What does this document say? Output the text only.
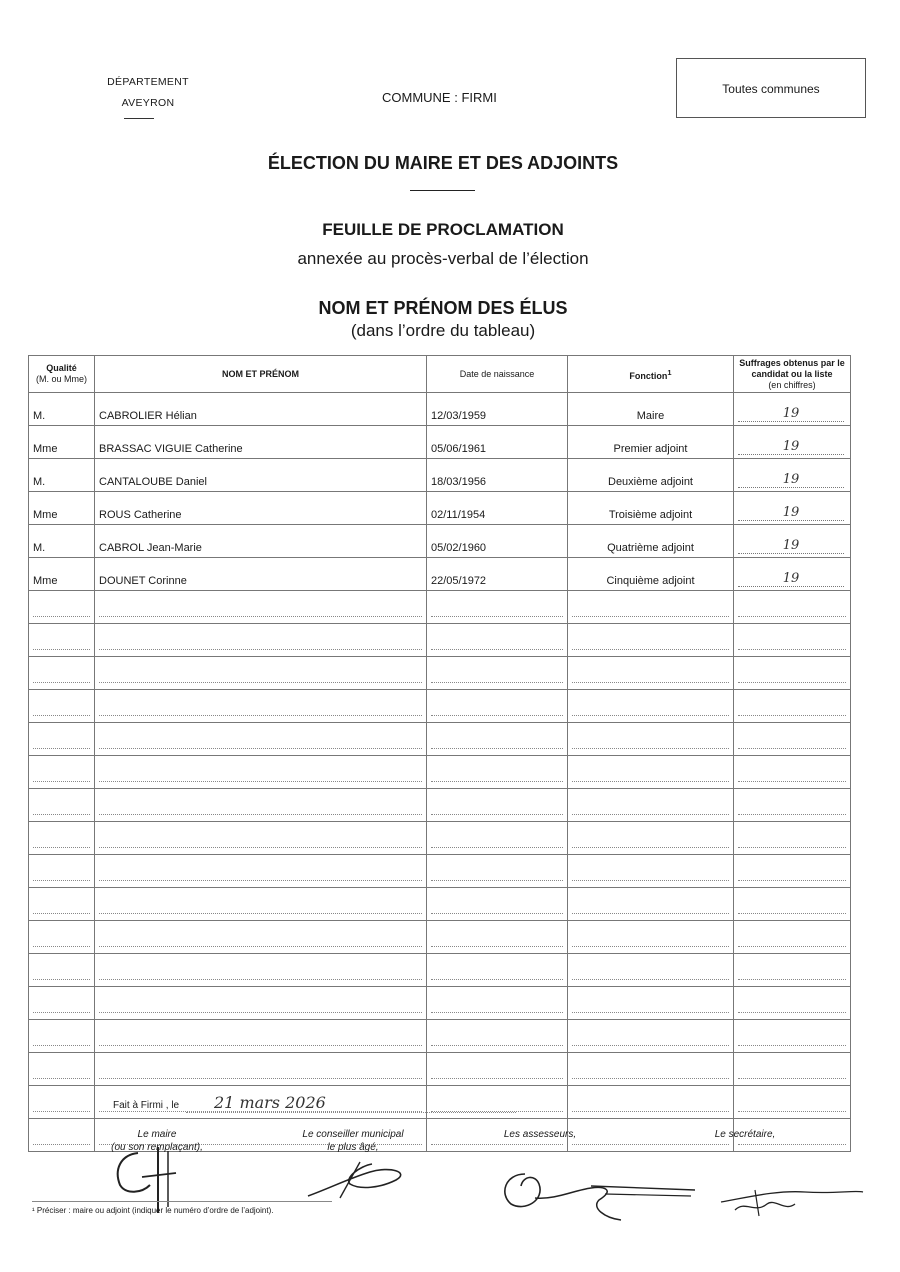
DÉPARTEMENT
AVEYRON	COMMUNE : FIRMI
Toutes communes
ÉLECTION DU MAIRE ET DES ADJOINTS
FEUILLE DE PROCLAMATION
annexée au procès-verbal de l’élection
NOM ET PRÉNOM DES ÉLUS
(dans l’ordre du tableau)
Qualité
(M. ou Mme)	NOM ET PRÉNOM	Date de naissance	Fonction$^1$	Suffrages obtenus par le candidat ou la liste
(en chiffres)
M.	CABROLIER Hélian	12/03/1959	Maire	19
Mme	BRASSAC VIGUIE Catherine	05/06/1961	Premier adjoint	19
M.	CANTALOUBE Daniel	18/03/1956	Deuxième adjoint	19
Mme	ROUS Catherine	02/11/1954	Troisième adjoint	19
M.	CABROL Jean-Marie	05/02/1960	Quatrième adjoint	19
Mme	DOUNET Corinne	22/05/1972	Cinquième adjoint	19

Fait à Firmi , le 21 mars 2026
Le maire
(ou son remplaçant),
Le conseiller municipal
le plus âgé,
Les assesseurs,	Le secrétaire,
¹ Préciser : maire ou adjoint (indiquer le numéro d’ordre de l’adjoint).
